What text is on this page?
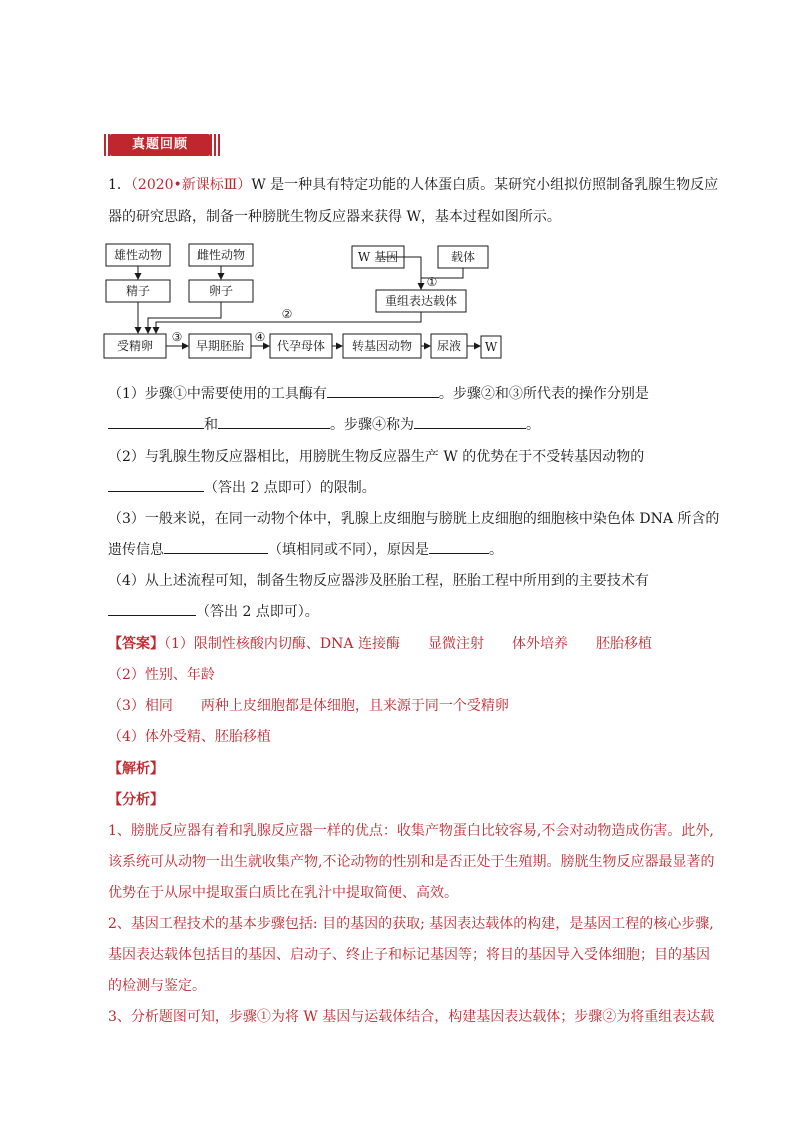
真题回顾
1．（2020•新课标Ⅲ）W 是一种具有特定功能的人体蛋白质。某研究小组拟仿照制备乳腺生物反应
器的研究思路，制备一种膀胱生物反应器来获得 W，基本过程如图所示。
雄性动物	雌性动物
精子	卵子
W 基因	载体
重组表达载体
受精卵	早期胚胎	代孕母体 转基因动物 尿液 W
①
②
③	④
（1）步骤①中需要使用的工具酶有	。步骤②和③所代表的操作分别是
和	。步骤④称为	。
（2）与乳腺生物反应器相比，用膀胱生物反应器生产 W 的优势在于不受转基因动物的
（答出 2 点即可）的限制。
（3）一般来说，在同一动物个体中，乳腺上皮细胞与膀胱上皮细胞的细胞核中染色体 DNA 所含的
遗传信息	（填相同或不同），原因是	。
（4）从上述流程可知，制备生物反应器涉及胚胎工程，胚胎工程中所用到的主要技术有
（答出 2 点即可）。
【答案】（1）限制性核酸内切酶、DNA 连接酶 显微注射 体外培养 胚胎移植
（2）性别、年龄
（3）相同 两种上皮细胞都是体细胞，且来源于同一个受精卵
（4）体外受精、胚胎移植
【解析】
【分析】
1、膀胱反应器有着和乳腺反应器一样的优点：收集产物蛋白比较容易,不会对动物造成伤害。此外,
该系统可从动物一出生就收集产物,不论动物的性别和是否正处于生殖期。膀胱生物反应器最显著的
优势在于从尿中提取蛋白质比在乳汁中提取简便、高效。
2、基因工程技术的基本步骤包括: 目的基因的获取; 基因表达载体的构建，是基因工程的核心步骤,
基因表达载体包括目的基因、启动子、终止子和标记基因等；将目的基因导入受体细胞；目的基因
的检测与鉴定。
3、分析题图可知，步骤①为将 W 基因与运载体结合，构建基因表达载体；步骤②为将重组表达载
